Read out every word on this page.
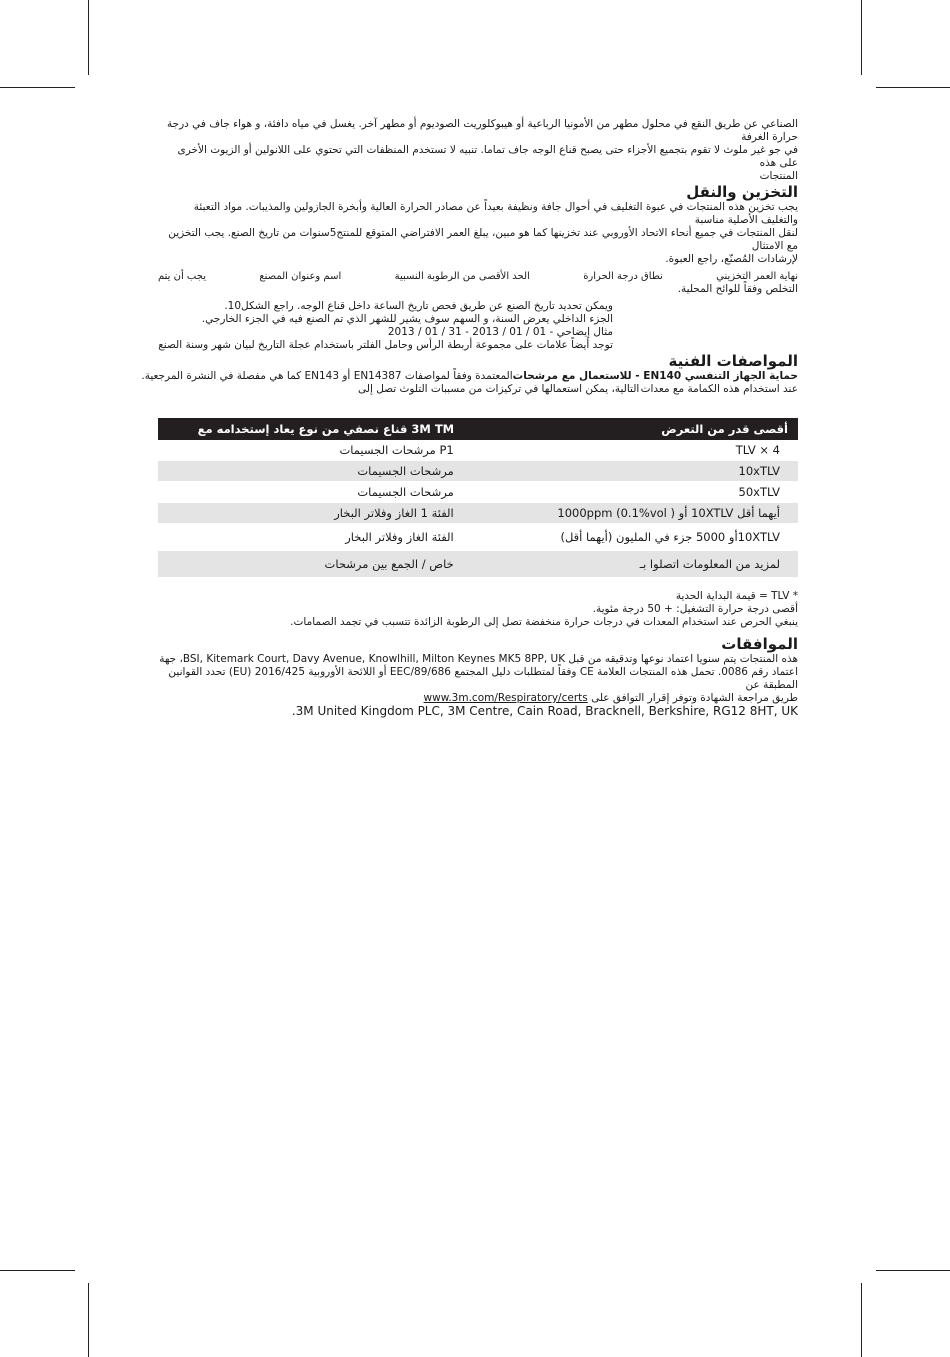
الصناعي عن طريق النقع في محلول مطهر من الأمونيا الرباعية أو هيبوكلوريت الصوديوم أو مطهر آخر. يغسل في مياه دافئة، و هواء جاف في درجة حرارة الغرفة

في جو غير ملوث لا تقوم بتجميع الأجزاء حتى يصبح قناع الوجه جاف تماما. تنبيه لا تستخدم المنظفات التي تحتوي على اللانولين أو الزيوت الأخرى على هذه

المنتجات

التخزين والنقل

يجب تخزين هذه المنتجات في عبوة التغليف في أحوال جافة ونظيفة بعيداً عن مصادر الحرارة العالية وأبخرة الجازولين والمذيبات. مواد التعبئة والتغليف الأصلية مناسبة

لنقل المنتجات في جميع أنحاء الاتحاد الأوروبي عند تخزينها كما هو مبين، يبلغ العمر الافتراضي المتوقع للمنتج5سنوات من تاريخ الصنع. يجب التخزين مع الامتثال

لإرشادات المُصنّع، راجع العبوة.

نهاية العمر التخزيني
نطاق درجة الحرارة
الحد الأقصى من الرطوبة النسبية
اسم وعنوان المصنع
يجب أن يتم

التخلص وفقاً للوائح المحلية.

ويمكن تحديد تاريخ الصنع عن طريق فحص تاريخ الساعة داخل قناع الوجه. راجع الشكل10.

الجزء الداخلي يعرض السنة، و السهم سوف يشير للشهر الذي تم الصنع فيه في الجزء الخارجي.

مثال إيضاحي - 01 / 01 / 2013 - 31 / 01 / 2013

توجد أيضاً علامات على مجموعة أربطة الرأس وحامل الفلتر باستخدام عجلة التاريخ لبيان شهر وسنة الصنع

المواصفات الفنية
حماية الجهاز التنفسي EN140 - للاستعمال مع مرشحات
المعتمدة وفقاً لمواصفات EN14387 أو EN143 كما هي مفصلة في النشرة المرجعية.
عند استخدام هذه الكمامة مع معدات
التالية، يمكن استعمالها في تركيزات من مسببات التلوث تصل إلى
أقصى قدر من التعرض	3M TM قناع نصفي من نوع يعاد إستخدامه مع
TLV × 4	P1 مرشحات الجسيمات
10xTLV	مرشحات الجسيمات
50xTLV	مرشحات الجسيمات
أيهما أقل 10XTLV أو ( 1000ppm (0.1%vol	الفئة 1 الغاز وفلاتر البخار
10XTLVأو 5000 جزء في المليون (أيهما أقل)	الفئة الغاز وفلاتر البخار
لمزيد من المعلومات اتصلوا بـ	خاص / الجمع بين مرشحات

* TLV = قيمة البداية الحدية

أقصى درجة حرارة التشغيل: + 50 درجة مئوية.

ينبغي الحرص عند استخدام المعدات في درجات حرارة منخفضة تصل إلى الرطوبة الزائدة تتسبب في تجمد الصمامات.

الموافقات

هذه المنتجات يتم سنويا اعتماد نوعها وتدقيقه من قبل BSI, Kitemark Court, Davy Avenue, Knowlhill, Milton Keynes MK5 8PP, UK، جهة

اعتماد رقم 0086. تحمل هذه المنتجات العلامة CE وفقاً لمتطلبات دليل المجتمع EEC/89/686 أو اللائحة الأوروبية 2016/425 (EU) تحدد القوانين المطبقة عن

طريق مراجعة الشهادة وتوفر إقرار التوافق على www.3m.com/Respiratory/certs

3M United Kingdom PLC, 3M Centre, Cain Road, Bracknell, Berkshire, RG12 8HT, UK.
